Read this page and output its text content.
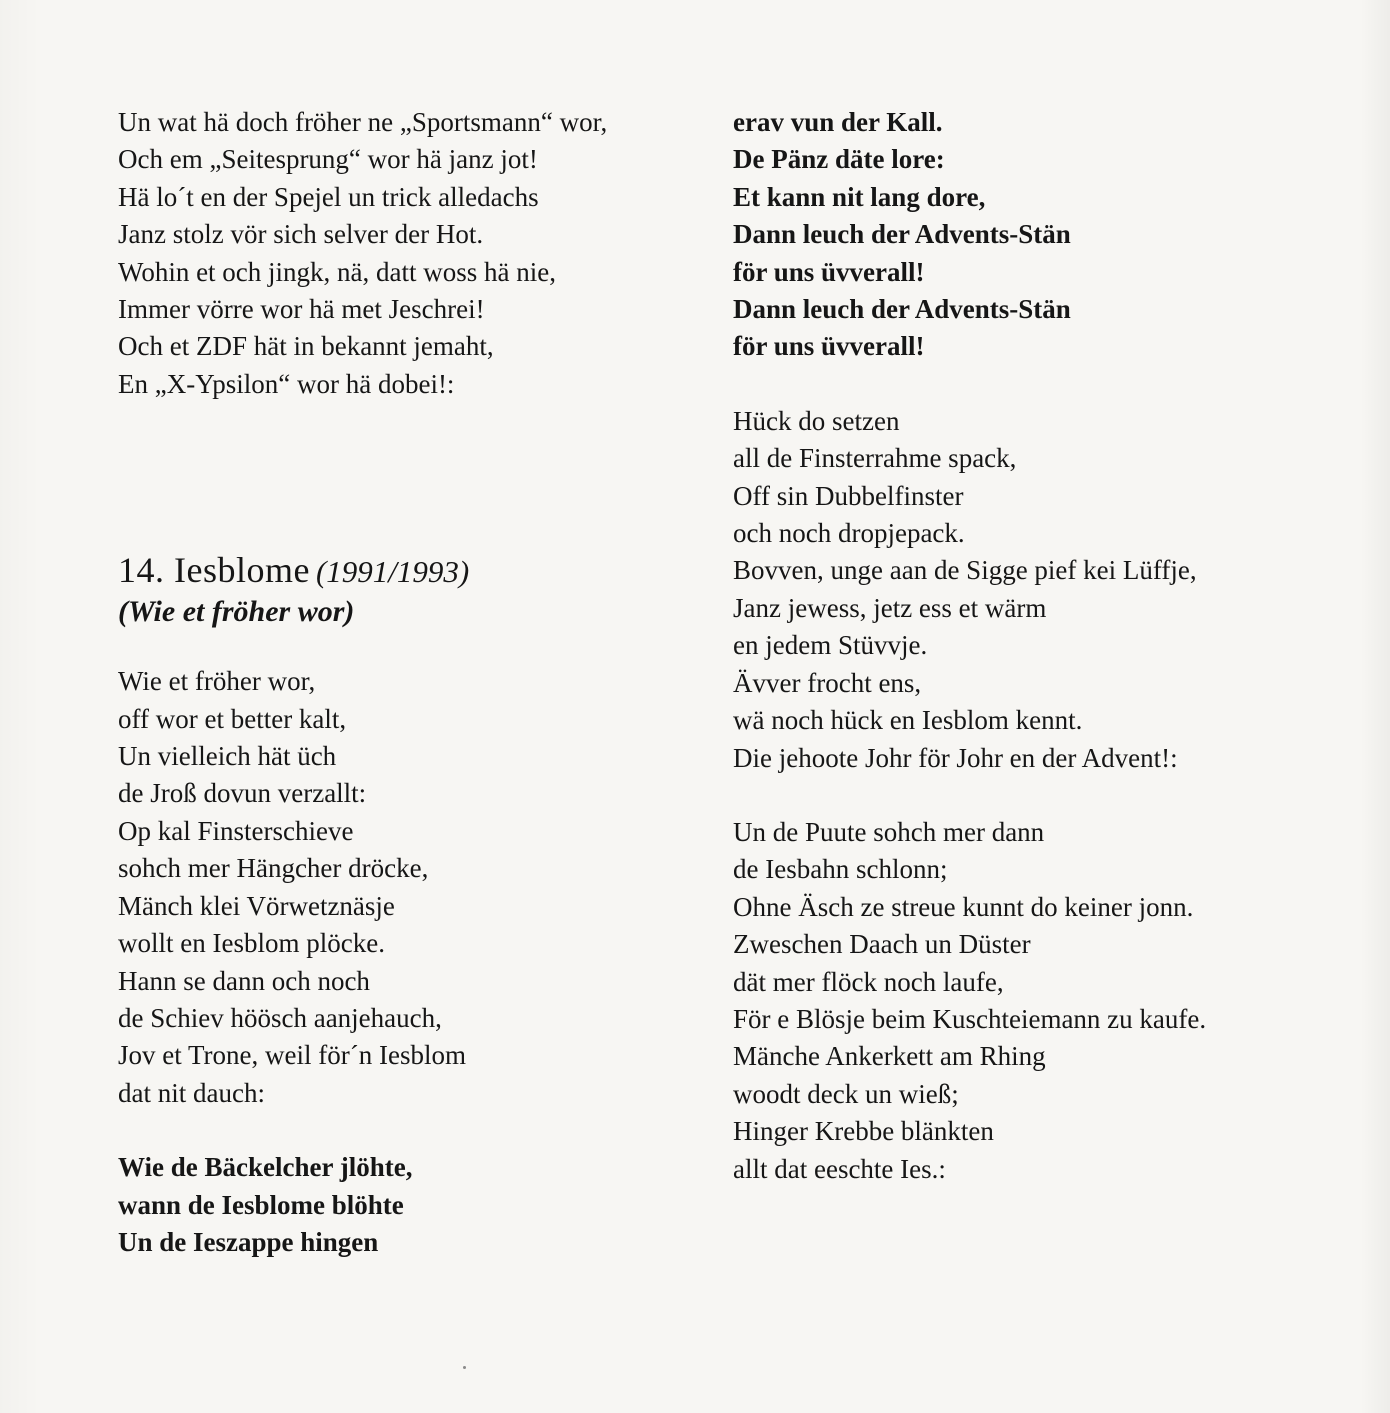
Un wat hä doch fröher ne „Sportsmann“ wor,
Och em „Seitesprung“ wor hä janz jot!
Hä lo´t en der Spejel un trick alledachs
Janz stolz vör sich selver der Hot.
Wohin et och jingk, nä, datt woss hä nie,
Immer vörre wor hä met Jeschrei!
Och et ZDF hät in bekannt jemaht,
En „X-Ypsilon“ wor hä dobei!:
14. Iesblome (1991/1993)
(Wie et fröher wor)
Wie et fröher wor,
off wor et better kalt,
Un vielleich hät üch
de Jroß dovun verzallt:
Op kal Finsterschieve
sohch mer Hängcher dröcke,
Mänch klei Vörwetznäsje
wollt en Iesblom plöcke.
Hann se dann och noch
de Schiev höösch aanjehauch,
Jov et Trone, weil för´n Iesblom
dat nit dauch:
Wie de Bäckelcher jlöhte,
wann de Iesblome blöhte
Un de Ieszappe hingen
erav vun der Kall.
De Pänz däte lore:
Et kann nit lang dore,
Dann leuch der Advents-Stän
för uns üvverall!
Dann leuch der Advents-Stän
för uns üvverall!
Hück do setzen
all de Finsterrahme spack,
Off sin Dubbelfinster
och noch dropjepack.
Bovven, unge aan de Sigge pief kei Lüffje,
Janz jewess, jetz ess et wärm
en jedem Stüvvje.
Ävver frocht ens,
wä noch hück en Iesblom kennt.
Die jehoote Johr för Johr en der Advent!:
Un de Puute sohch mer dann
de Iesbahn schlonn;
Ohne Äsch ze streue kunnt do keiner jonn.
Zweschen Daach un Düster
dät mer flöck noch laufe,
För e Blösje beim Kuschteiemann zu kaufe.
Mänche Ankerkett am Rhing
woodt deck un wieß;
Hinger Krebbe blänkten
allt dat eeschte Ies.:
